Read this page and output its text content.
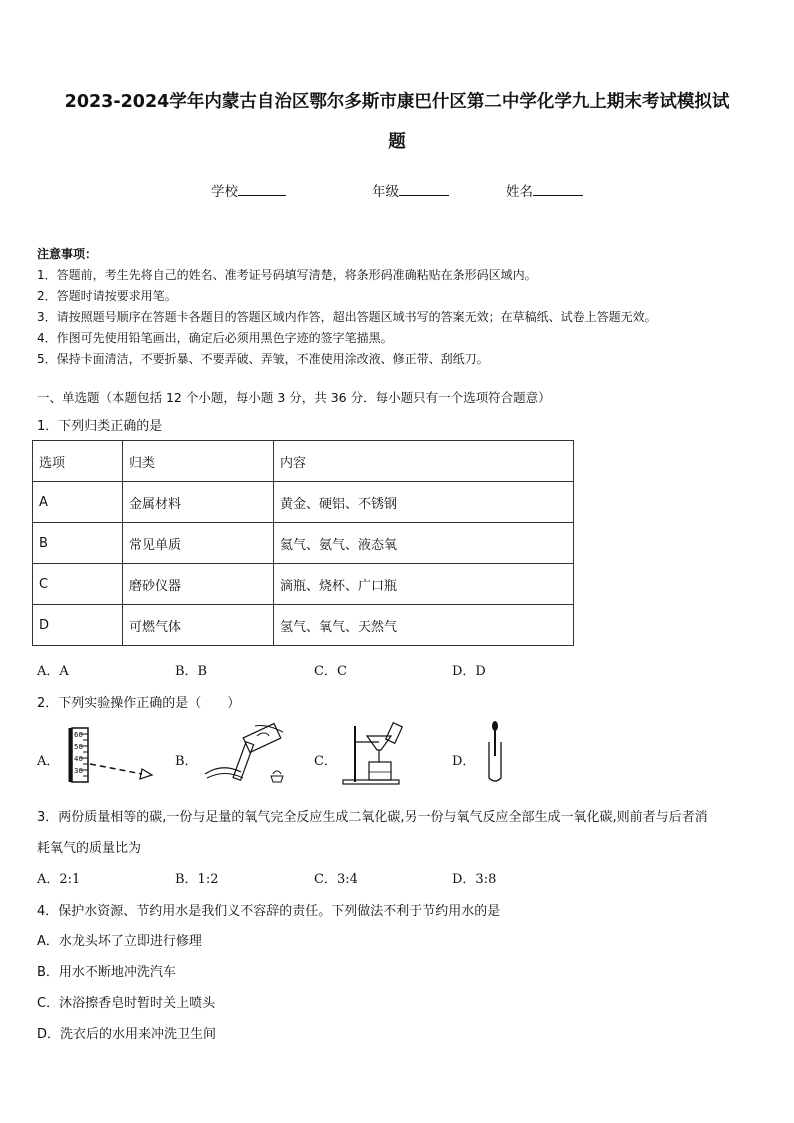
2023-2024学年内蒙古自治区鄂尔多斯市康巴什区第二中学化学九上期末考试模拟试
题
学校	年级	姓名
注意事项：
1．答题前，考生先将自己的姓名、准考证号码填写清楚，将条形码准确粘贴在条形码区域内。
2．答题时请按要求用笔。
3．请按照题号顺序在答题卡各题目的答题区域内作答，超出答题区域书写的答案无效；在草稿纸、试卷上答题无效。
4．作图可先使用铅笔画出，确定后必须用黑色字迹的签字笔描黑。
5．保持卡面清洁，不要折暴、不要弄破、弄皱，不准使用涂改液、修正带、刮纸刀。
一、单选题（本题包括 12 个小题，每小题 3 分，共 36 分．每小题只有一个选项符合题意）
1．下列归类正确的是
选项	归类	内容
A	金属材料	黄金、硬铝、不锈钢
B	常见单质	氦气、氨气、液态氧
C	磨砂仪器	滴瓶、烧杯、广口瓶
D	可燃气体	氢气、氧气、天然气
A．A	B．B	C．C	D．D
2．下列实验操作正确的是（　　）
A．	B．	C．	D．
60
50
40
30
3．两份质量相等的碳,一份与足量的氧气完全反应生成二氧化碳,另一份与氧气反应全部生成一氧化碳,则前者与后者消
耗氧气的质量比为
A．2:1	B．1:2	C．3:4	D．3:8
4．保护水资源、节约用水是我们义不容辞的责任。下列做法不利于节约用水的是
A．水龙头坏了立即进行修理
B．用水不断地冲洗汽车
C．沐浴擦香皂时暂时关上喷头
D．洗衣后的水用来冲洗卫生间
